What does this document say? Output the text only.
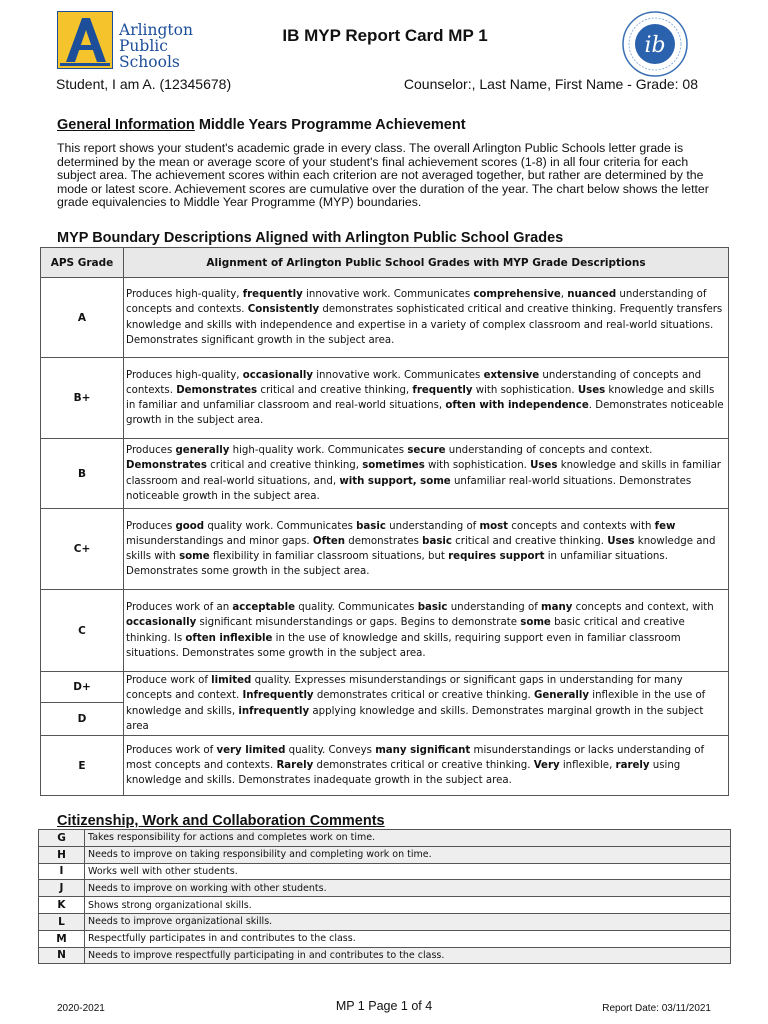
Arlington
Public
Schools
IB MYP Report Card MP 1	ib
Student, I am A. (12345678)	Counselor:, Last Name, First Name - Grade: 08
General Information Middle Years Programme Achievement
This report shows your student's academic grade in every class. The overall Arlington Public Schools letter grade is determined by the mean or average score of your student's final achievement scores (1-8) in all four criteria for each subject area. The achievement scores within each criterion are not averaged together, but rather are determined by the mode or latest score. Achievement scores are cumulative over the duration of the year. The chart below shows the letter grade equivalencies to Middle Year Programme (MYP) boundaries.
MYP Boundary Descriptions Aligned with Arlington Public School Grades
APS Grade	Alignment of Arlington Public School Grades with MYP Grade Descriptions
A	Produces high-quality, frequently innovative work. Communicates comprehensive, nuanced understanding of concepts and contexts. Consistently demonstrates sophisticated critical and creative thinking. Frequently transfers knowledge and skills with independence and expertise in a variety of complex classroom and real-world situations. Demonstrates significant growth in the subject area.
B+	Produces high-quality, occasionally innovative work. Communicates extensive understanding of concepts and contexts. Demonstrates critical and creative thinking, frequently with sophistication. Uses knowledge and skills in familiar and unfamiliar classroom and real-world situations, often with independence. Demonstrates noticeable growth in the subject area.
B	Produces generally high-quality work. Communicates secure understanding of concepts and context. Demonstrates critical and creative thinking, sometimes with sophistication. Uses knowledge and skills in familiar classroom and real-world situations, and, with support, some unfamiliar real-world situations. Demonstrates noticeable growth in the subject area.
C+	Produces good quality work. Communicates basic understanding of most concepts and contexts with few misunderstandings and minor gaps. Often demonstrates basic critical and creative thinking. Uses knowledge and skills with some flexibility in familiar classroom situations, but requires support in unfamiliar situations. Demonstrates some growth in the subject area.
C	Produces work of an acceptable quality. Communicates basic understanding of many concepts and context, with occasionally significant misunderstandings or gaps. Begins to demonstrate some basic critical and creative thinking. Is often inflexible in the use of knowledge and skills, requiring support even in familiar classroom situations. Demonstrates some growth in the subject area.
D+	Produce work of limited quality. Expresses misunderstandings or significant gaps in understanding for many concepts and context. Infrequently demonstrates critical or creative thinking. Generally inflexible in the use of knowledge and skills, infrequently applying knowledge and skills. Demonstrates marginal growth in the subject area
D	
E	Produces work of very limited quality. Conveys many significant misunderstandings or lacks understanding of most concepts and contexts. Rarely demonstrates critical or creative thinking. Very inflexible, rarely using knowledge and skills. Demonstrates inadequate growth in the subject area.
Citizenship, Work and Collaboration Comments
G	Takes responsibility for actions and completes work on time.
H	Needs to improve on taking responsibility and completing work on time.
I	Works well with other students.
J	Needs to improve on working with other students.
K	Shows strong organizational skills.
L	Needs to improve organizational skills.
M	Respectfully participates in and contributes to the class.
N	Needs to improve respectfully participating in and contributes to the class.
2020-2021	MP 1 Page 1 of 4	Report Date: 03/11/2021
